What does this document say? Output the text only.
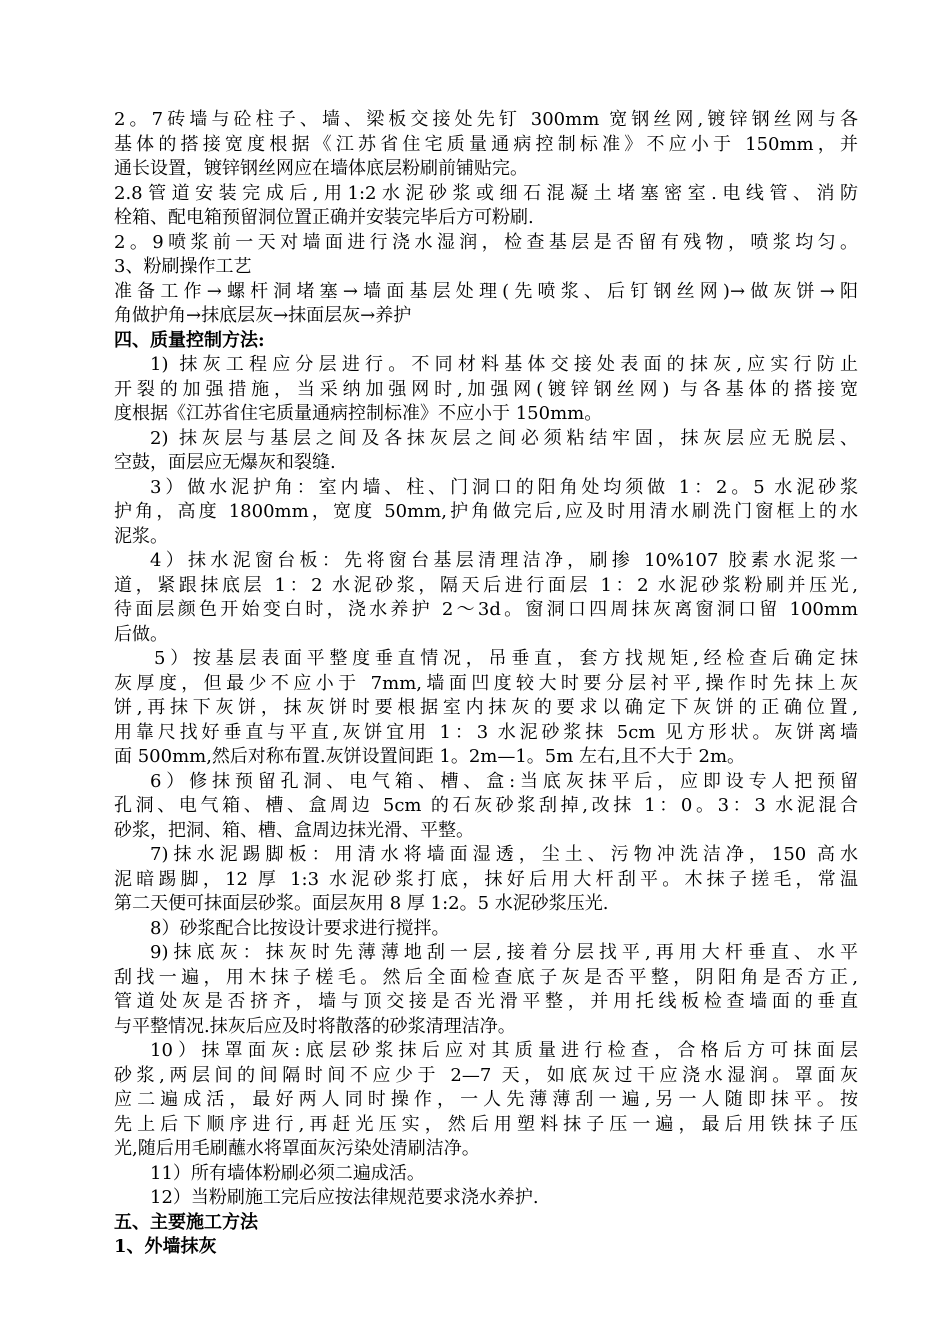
2。7砖墙与砼柱子、墙、梁板交接处先钉 300mm 宽钢丝网,镀锌钢丝网与各
基体的搭接宽度根据《江苏省住宅质量通病控制标准》不应小于 150mm，并
通长设置，镀锌钢丝网应在墙体底层粉刷前铺贴完。
2.8管道安装完成后,用1:2水泥砂浆或细石混凝土堵塞密室.电线管、消防
栓箱、配电箱预留洞位置正确并安装完毕后方可粉刷.
2。9喷浆前一天对墙面进行浇水湿润，检查基层是否留有残物，喷浆均匀。
3、粉刷操作工艺
准备工作→螺杆洞堵塞→墙面基层处理(先喷浆、后钉钢丝网)→做灰饼→阳
角做护角→抹底层灰→抹面层灰→养护
四、质量控制方法:
1) 抹灰工程应分层进行。不同材料基体交接处表面的抹灰,应实行防止
开裂的加强措施，当采纳加强网时,加强网(镀锌钢丝网) 与各基体的搭接宽
度根据《江苏省住宅质量通病控制标准》不应小于 150mm。
2) 抹灰层与基层之间及各抹灰层之间必须粘结牢固，抹灰层应无脱层、
空鼓，面层应无爆灰和裂缝.
3）做水泥护角：室内墙、柱、门洞口的阳角处均须做 1：2。5 水泥砂浆
护角，高度 1800mm，宽度 50mm,护角做完后,应及时用清水刷洗门窗框上的水
泥浆。
4）抹水泥窗台板：先将窗台基层清理洁净，刷掺 10%107 胶素水泥浆一
道，紧跟抹底层 1：2 水泥砂浆，隔天后进行面层 1：2 水泥砂浆粉刷并压光,
待面层颜色开始变白时，浇水养护 2～3d。窗洞口四周抹灰离窗洞口留 100mm
后做。
5）按基层表面平整度垂直情况，吊垂直，套方找规矩,经检查后确定抹
灰厚度，但最少不应小于 7mm,墙面凹度较大时要分层衬平,操作时先抹上灰
饼,再抹下灰饼，抹灰饼时要根据室内抹灰的要求以确定下灰饼的正确位置,
用靠尺找好垂直与平直,灰饼宜用 1：3 水泥砂浆抹 5cm 见方形状。灰饼离墙
面 500mm,然后对称布置.灰饼设置间距 1。2m—1。5m 左右,且不大于 2m。
6）修抹预留孔洞、电气箱、槽、盒:当底灰抹平后，应即设专人把预留
孔洞、电气箱、槽、盒周边 5cm 的石灰砂浆刮掉,改抹 1：0。3：3 水泥混合
砂浆，把洞、箱、槽、盒周边抹光滑、平整。
7)抹水泥踢脚板：用清水将墙面湿透，尘土、污物冲洗洁净，150 高水
泥暗踢脚，12 厚 1:3 水泥砂浆打底，抹好后用大杆刮平。木抹子搓毛，常温
第二天便可抹面层砂浆。面层灰用 8 厚 1:2。5 水泥砂浆压光.
8）砂浆配合比按设计要求进行搅拌。
9)抹底灰：抹灰时先薄薄地刮一层,接着分层找平,再用大杆垂直、水平
刮找一遍，用木抹子槎毛。然后全面检查底子灰是否平整，阴阳角是否方正,
管道处灰是否挤齐，墙与顶交接是否光滑平整，并用托线板检查墙面的垂直
与平整情况.抹灰后应及时将散落的砂浆清理洁净。
10）抹罩面灰:底层砂浆抹后应对其质量进行检查，合格后方可抹面层
砂浆,两层间的间隔时间不应少于 2—7 天，如底灰过干应浇水湿润。罩面灰
应二遍成活，最好两人同时操作，一人先薄薄刮一遍,另一人随即抹平。按
先上后下顺序进行,再赶光压实，然后用塑料抹子压一遍，最后用铁抹子压
光,随后用毛刷蘸水将罩面灰污染处清刷洁净。
11）所有墙体粉刷必须二遍成活。
12）当粉刷施工完后应按法律规范要求浇水养护.
五、主要施工方法
1、外墙抹灰
